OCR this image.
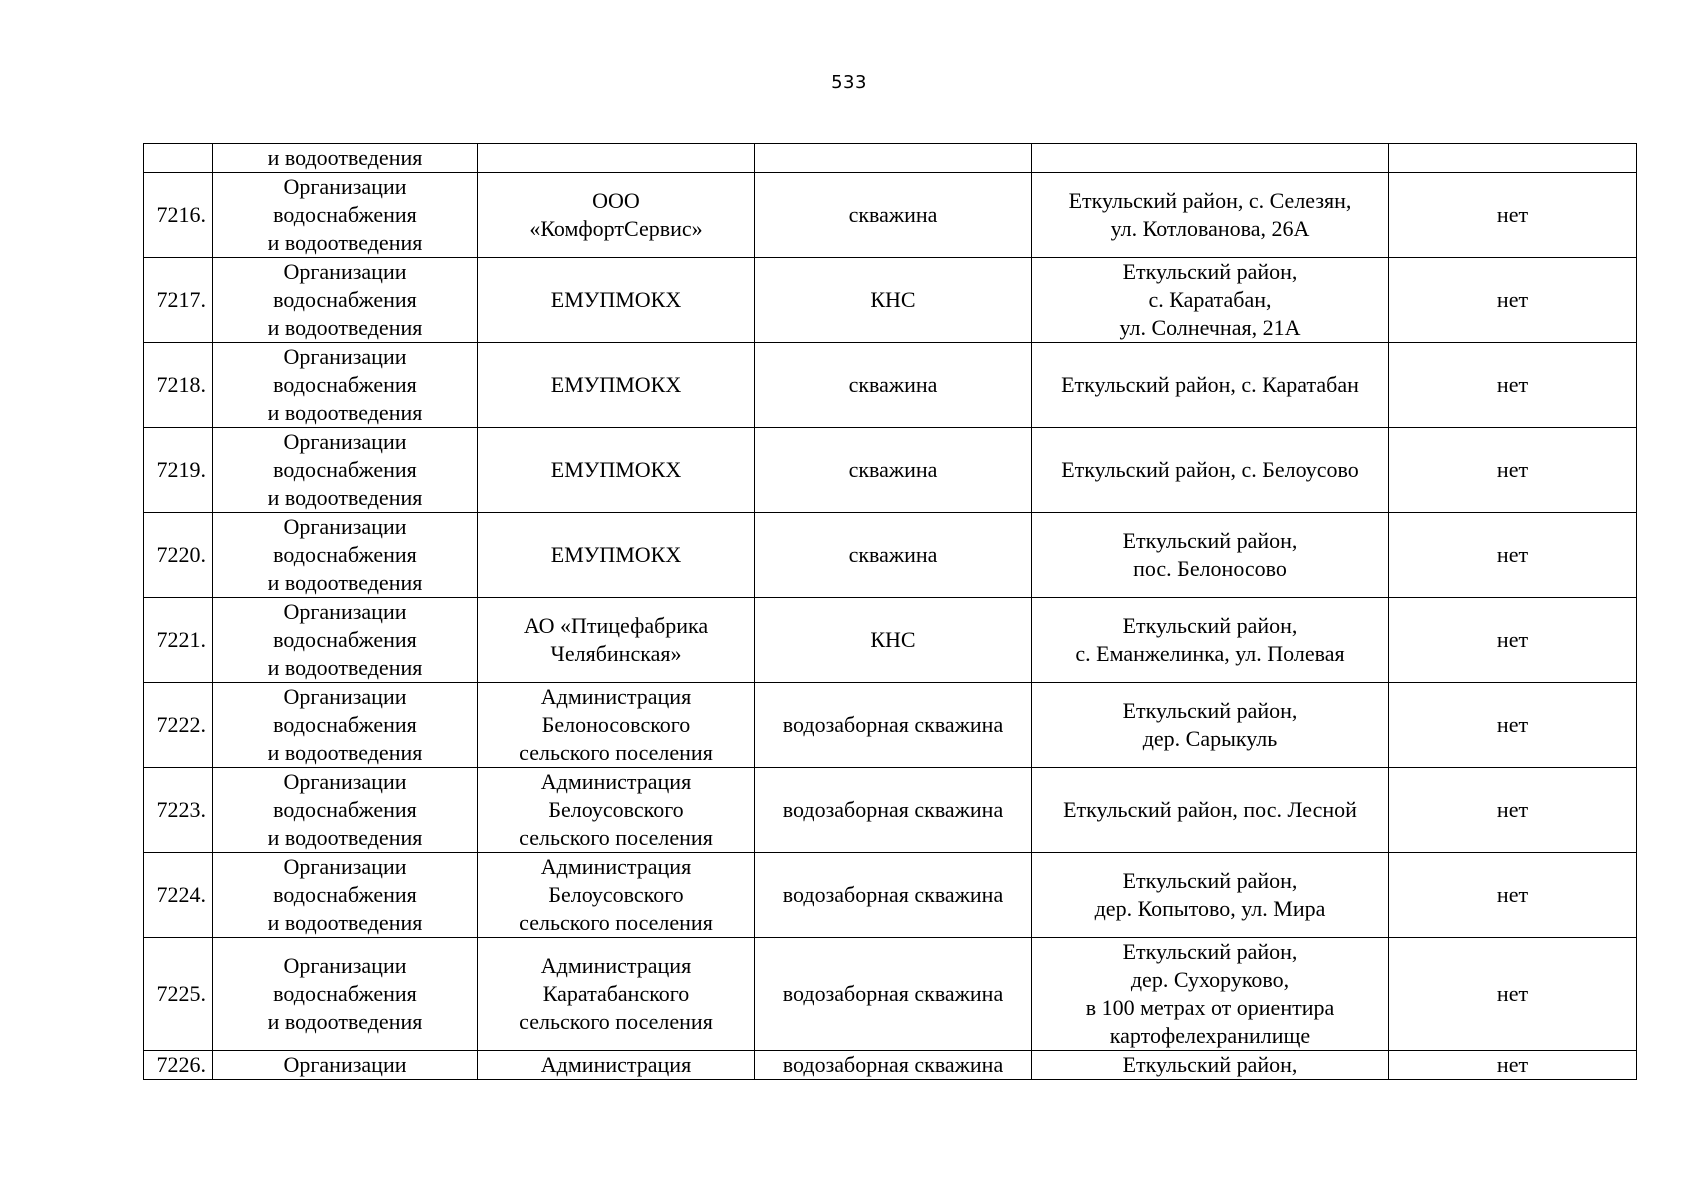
533

	и водоотведения				

7216.	Организации
водоснабжения
и водоотведения	ООО
«КомфортСервис»	скважина	Еткульский район, с. Селезян,
ул. Котлованова, 26А	нет
7217.	Организации
водоснабжения
и водоотведения	ЕМУПМОКХ	КНС	Еткульский район,
с. Каратабан,
ул. Солнечная, 21А	нет
7218.	Организации
водоснабжения
и водоотведения	ЕМУПМОКХ	скважина	Еткульский район, с. Каратабан	нет
7219.	Организации
водоснабжения
и водоотведения	ЕМУПМОКХ	скважина	Еткульский район, с. Белоусово	нет
7220.	Организации
водоснабжения
и водоотведения	ЕМУПМОКХ	скважина	Еткульский район,
пос. Белоносово	нет
7221.	Организации
водоснабжения
и водоотведения	АО «Птицефабрика
Челябинская»	КНС	Еткульский район,
с. Еманжелинка, ул. Полевая	нет
7222.	Организации
водоснабжения
и водоотведения	Администрация
Белоносовского
сельского поселения	водозаборная скважина	Еткульский район,
дер. Сарыкуль	нет
7223.	Организации
водоснабжения
и водоотведения	Администрация
Белоусовского
сельского поселения	водозаборная скважина	Еткульский район, пос. Лесной	нет
7224.	Организации
водоснабжения
и водоотведения	Администрация
Белоусовского
сельского поселения	водозаборная скважина	Еткульский район,
дер. Копытово, ул. Мира	нет
7225.	Организации
водоснабжения
и водоотведения	Администрация
Каратабанского
сельского поселения	водозаборная скважина	Еткульский район,
дер. Сухоруково,
в 100 метрах от ориентира
картофелехранилище	нет
7226.	Организации	Администрация	водозаборная скважина	Еткульский район,	нет
